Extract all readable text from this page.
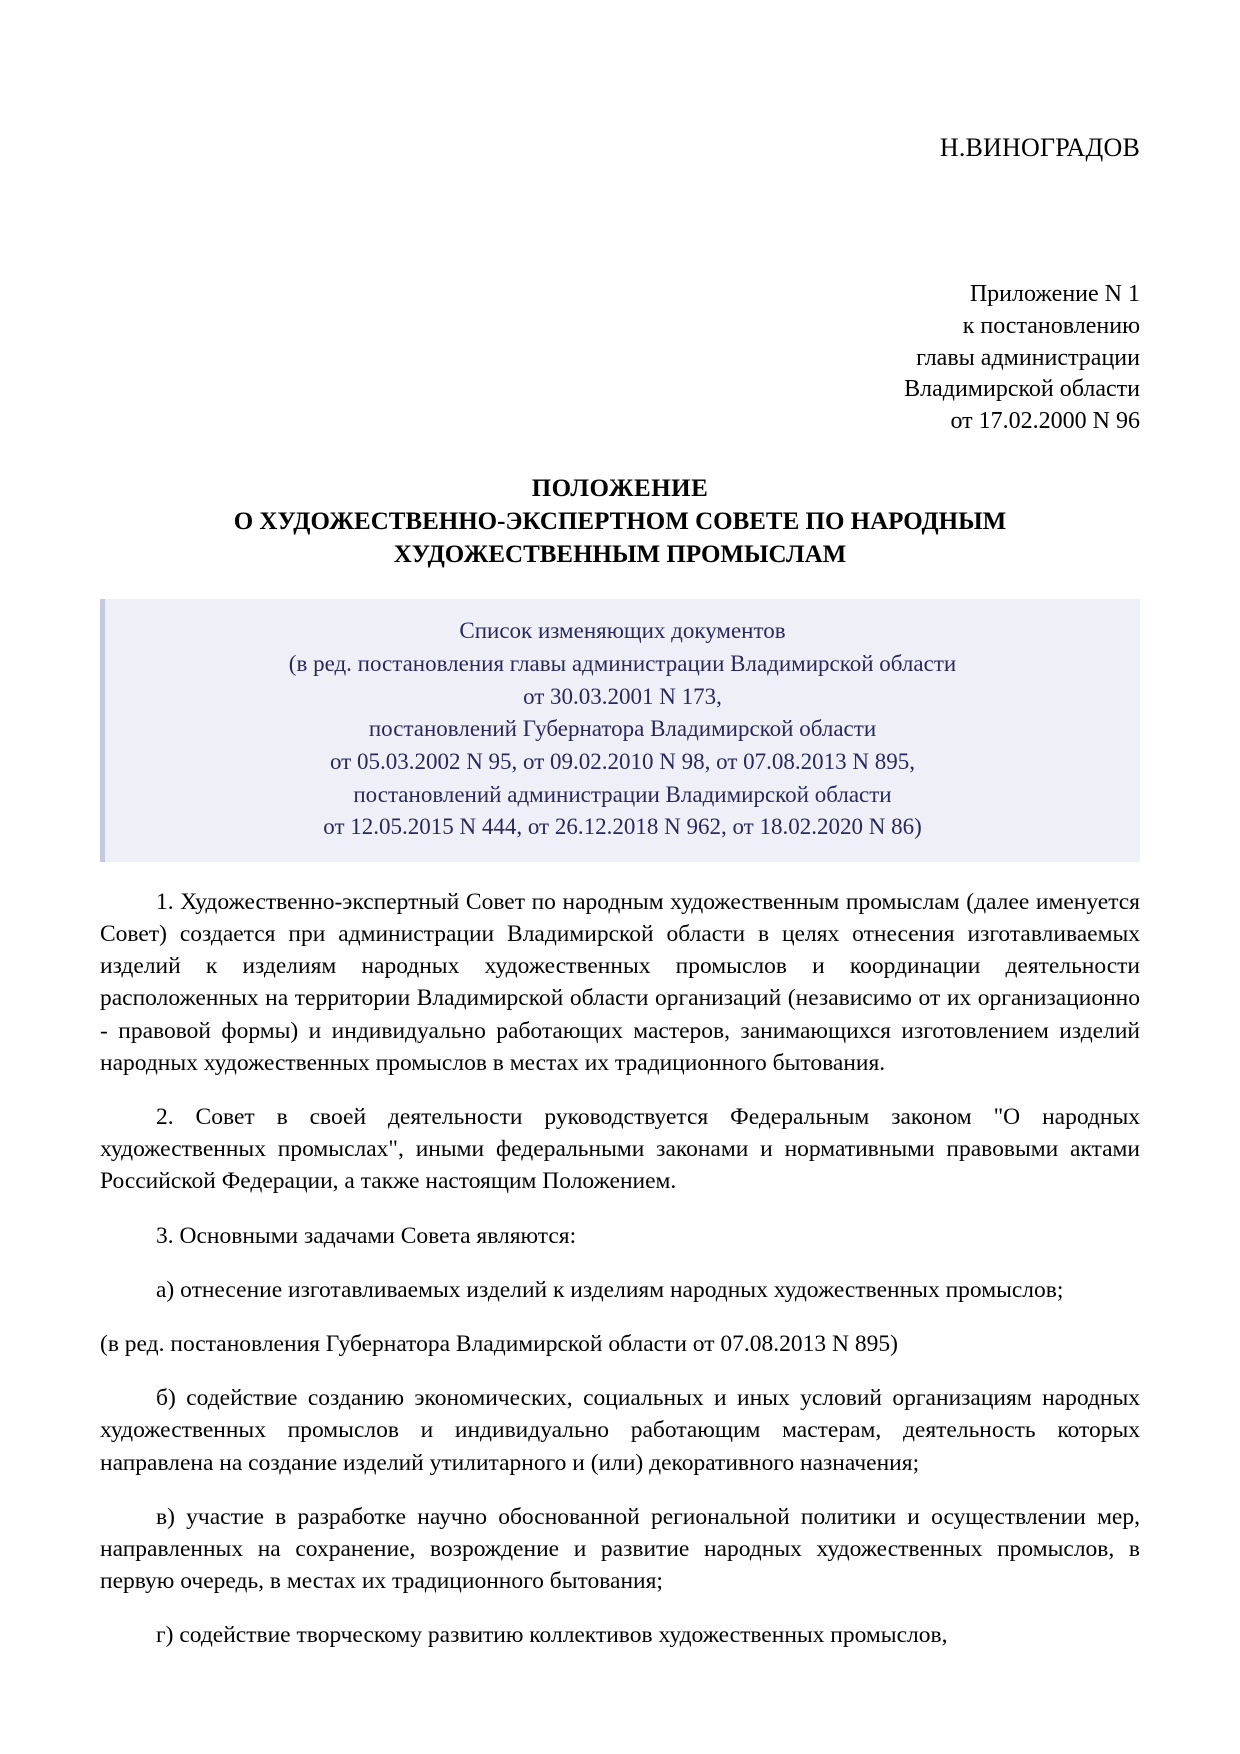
Н.ВИНОГРАДОВ
Приложение N 1
к постановлению
главы администрации
Владимирской области
от 17.02.2000 N 96
ПОЛОЖЕНИЕ
О ХУДОЖЕСТВЕННО-ЭКСПЕРТНОМ СОВЕТЕ ПО НАРОДНЫМ
ХУДОЖЕСТВЕННЫМ ПРОМЫСЛАМ
Список изменяющих документов
(в ред. постановления главы администрации Владимирской области
от 30.03.2001 N 173,
постановлений Губернатора Владимирской области
от 05.03.2002 N 95, от 09.02.2010 N 98, от 07.08.2013 N 895,
постановлений администрации Владимирской области
от 12.05.2015 N 444, от 26.12.2018 N 962, от 18.02.2020 N 86)

1. Художественно-экспертный Совет по народным художественным промыслам (далее именуется Совет) создается при администрации Владимирской области в целях отнесения изготавливаемых изделий к изделиям народных художественных промыслов и координации деятельности расположенных на территории Владимирской области организаций (независимо от их организационно - правовой формы) и индивидуально работающих мастеров, занимающихся изготовлением изделий народных художественных промыслов в местах их традиционного бытования.

2. Совет в своей деятельности руководствуется Федеральным законом "О народных художественных промыслах", иными федеральными законами и нормативными правовыми актами Российской Федерации, а также настоящим Положением.

3. Основными задачами Совета являются:

а) отнесение изготавливаемых изделий к изделиям народных художественных промыслов;

(в ред. постановления Губернатора Владимирской области от 07.08.2013 N 895)

б) содействие созданию экономических, социальных и иных условий организациям народных художественных промыслов и индивидуально работающим мастерам, деятельность которых направлена на создание изделий утилитарного и (или) декоративного назначения;

в) участие в разработке научно обоснованной региональной политики и осуществлении мер, направленных на сохранение, возрождение и развитие народных художественных промыслов, в первую очередь, в местах их традиционного бытования;

г) содействие творческому развитию коллективов художественных промыслов,
